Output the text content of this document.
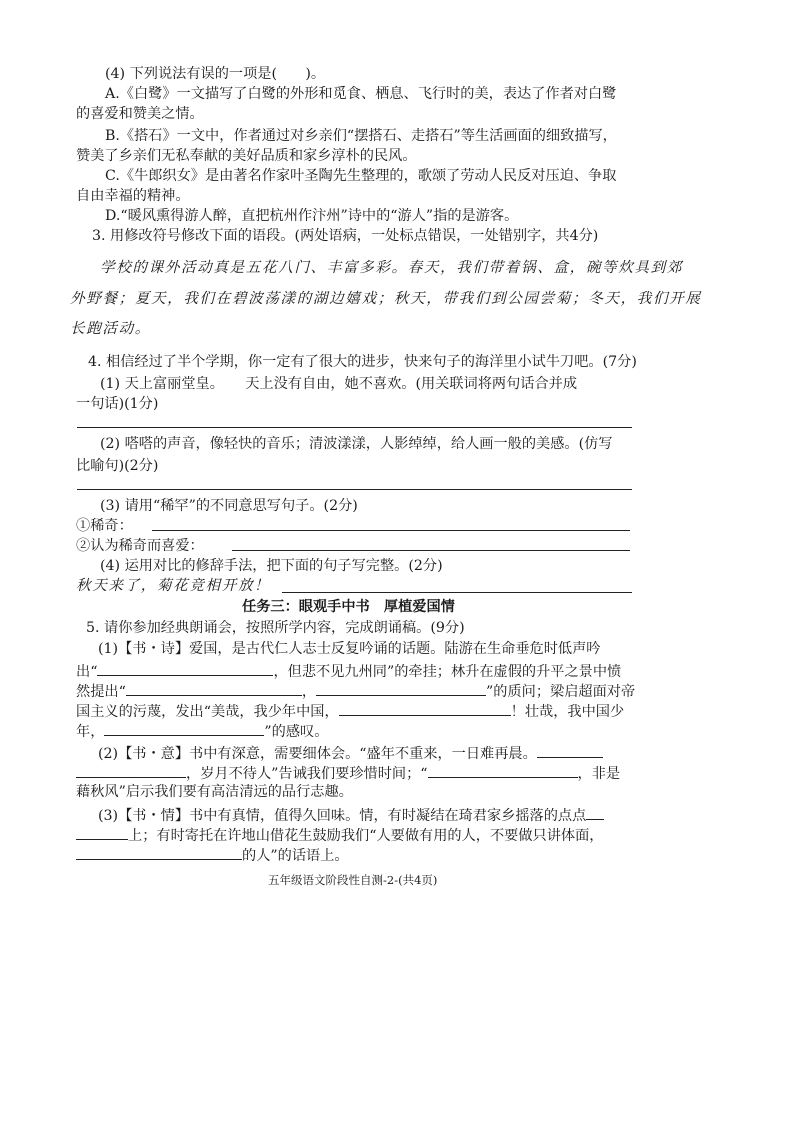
(4) 下列说法有误的一项是(　　)。
A.《白鹭》一文描写了白鹭的外形和觅食、栖息、飞行时的美，表达了作者对白鹭
的喜爱和赞美之情。
B.《搭石》一文中，作者通过对乡亲们“摆搭石、走搭石”等生活画面的细致描写，
赞美了乡亲们无私奉献的美好品质和家乡淳朴的民风。
C.《牛郎织女》是由著名作家叶圣陶先生整理的，歌颂了劳动人民反对压迫、争取
自由幸福的精神。
D.“暖风熏得游人醉，直把杭州作汴州”诗中的“游人”指的是游客。
3. 用修改符号修改下面的语段。(两处语病，一处标点错误，一处错别字，共4分)
学校的课外活动真是五花八门、丰富多彩。春天，我们带着锅、盒，碗等炊具到郊
外野餐；夏天，我们在碧波荡漾的湖边嬉戏；秋天，带我们到公园尝菊；冬天，我们开展
长跑活动。
4. 相信经过了半个学期，你一定有了很大的进步，快来句子的海洋里小试牛刀吧。(7分)
(1) 天上富丽堂皇。　　天上没有自由，她不喜欢。(用关联词将两句话合并成
一句话)(1分)
(2) 嗒嗒的声音，像轻快的音乐；清波漾漾，人影绰绰，给人画一般的美感。(仿写
比喻句)(2分)
(3) 请用“稀罕”的不同意思写句子。(2分)
①稀奇：
②认为稀奇而喜爱：
(4) 运用对比的修辞手法，把下面的句子写完整。(2分)
秋天来了，菊花竞相开放！
任务三：眼观手中书　厚植爱国情
5. 请你参加经典朗诵会，按照所学内容，完成朗诵稿。(9分)
(1)【书・诗】爱国，是古代仁人志士反复吟诵的话题。陆游在生命垂危时低声吟
出“	，但悲不见九州同”的牵挂；林升在虚假的升平之景中愤
然提出“	，	”的质问；梁启超面对帝
国主义的污蔑，发出“美哉，我少年中国，	！壮哉，我中国少
年，	”的感叹。
(2)【书・意】书中有深意，需要细体会。“盛年不重来，一日难再晨。
，岁月不待人”告诫我们要珍惜时间；“	，非是
藉秋风”启示我们要有高洁清远的品行志趣。
(3)【书・情】书中有真情，值得久回味。情，有时凝结在琦君家乡摇落的点点
上；有时寄托在许地山借花生鼓励我们“人要做有用的人，不要做只讲体面，
的人”的话语上。
五年级语文阶段性自测-2-(共4页)
